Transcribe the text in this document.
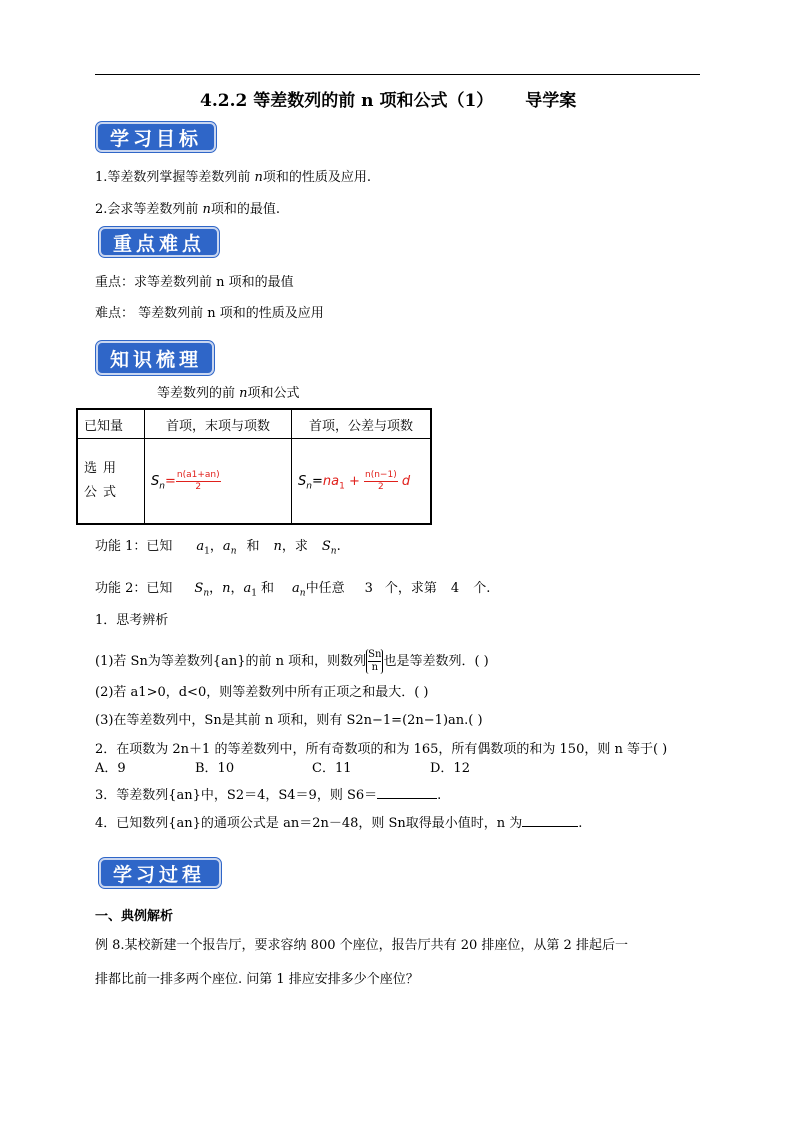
4.2.2 等差数列的前 n 项和公式（1） 导学案
学习目标
1.等差数列掌握等差数列前 n项和的性质及应用.
2.会求等差数列前 n项和的最值.
重点难点
重点：求等差数列前 n 项和的最值
难点： 等差数列前 n 项和的性质及应用
知识梳理
等差数列的前 n项和公式
已知量	首项，末项与项数	首项，公差与项数

选用公式	$S_n= \frac{n(a1+an)}{2}$	$S_n=na_1 + \frac{n(n-1)}{2}$ d
功能 1：已知 $a_1$，$a_n$ 和 n，求 $S_n$.
功能 2：已知 $S_n$，n，$a_1$ 和 $a_n$中任意 3 个，求第 4 个.
1．思考辨析
(1)若 Sn为等差数列{an}的前 n 项和，则数列 $\frac{Sn}{n}$ 也是等差数列．( )
(2)若 a1>0，d<0，则等差数列中所有正项之和最大．( )
(3)在等差数列中，Sn是其前 n 项和，则有 S2n−1=(2n−1)an.( )
2．在项数为 2n＋1 的等差数列中，所有奇数项的和为 165，所有偶数项的和为 150，则 n 等于( )
A．9	B．10	C．11	D．12
3．等差数列{an}中，S2＝4，S4＝9，则 S6＝	.
4．已知数列{an}的通项公式是 an＝2n－48，则 Sn取得最小值时，n 为	.
学习过程
一、典例解析
例 8.某校新建一个报告厅，要求容纳 800 个座位，报告厅共有 20 排座位，从第 2 排起后一
排都比前一排多两个座位. 问第 1 排应安排多少个座位？
